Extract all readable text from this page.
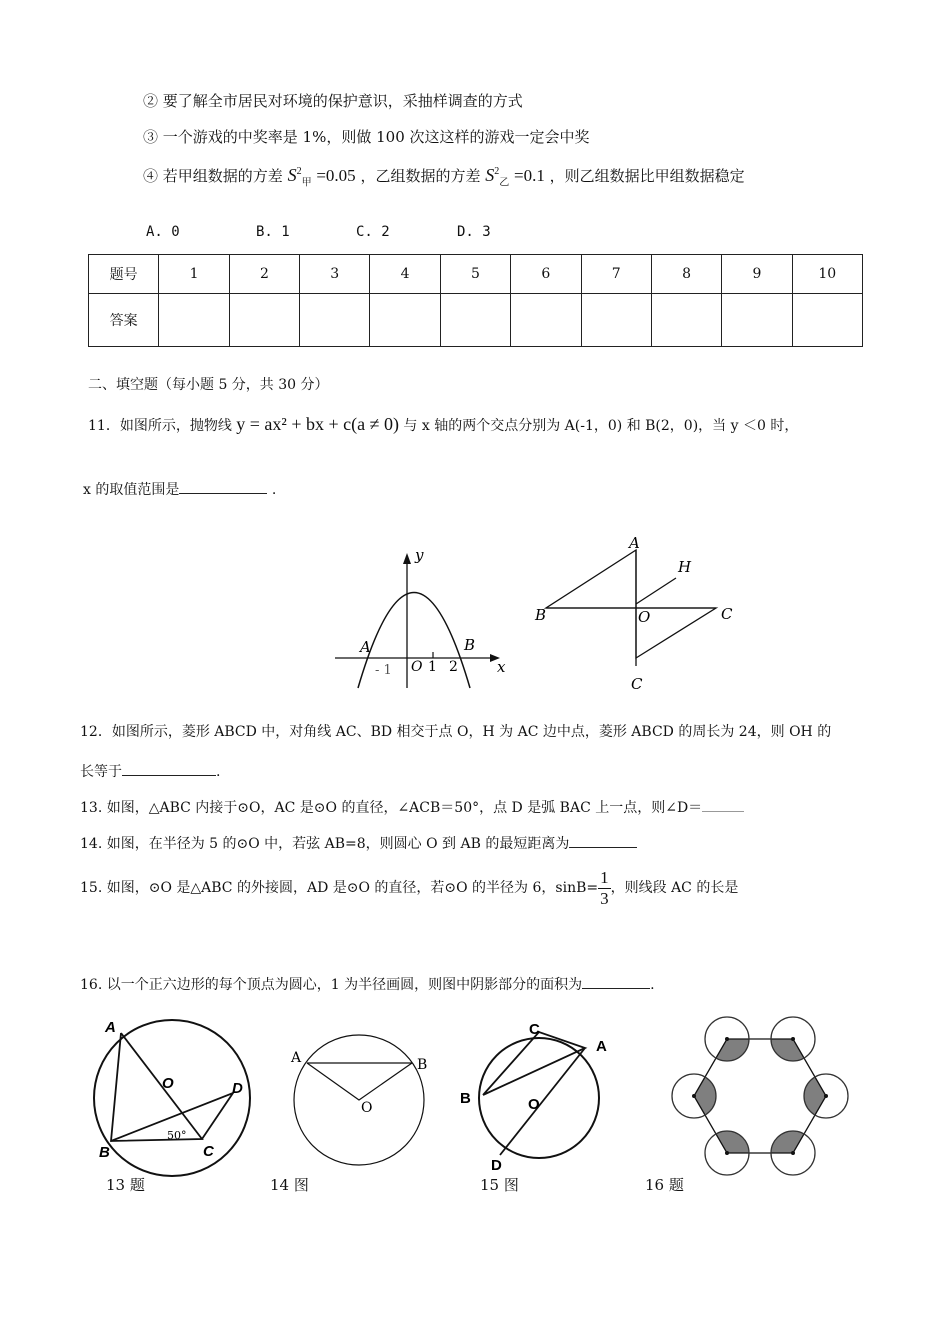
② 要了解全市居民对环境的保护意识，采抽样调查的方式
③ 一个游戏的中奖率是 1%，则做 100 次这这样的游戏一定会中奖
④ 若甲组数据的方差 $S^2_甲 =0.05$ ，乙组数据的方差 $S^2_乙 =0.1$ ，则乙组数据比甲组数据稳定
A. 0	B. 1	C. 2	D. 3
题号	1	2	3	4	5	6	7	8	9	10
答案										
二、填空题（每小题 5 分，共 30 分）
11．如图所示，抛物线 y = ax² + bx + c(a ≠ 0) 与 x 轴的两个交点分别为 A(-1，0) 和 B(2，0)，当 y ＜0 时，
x 的取值范围是	.
A	B
O	x
y
- 1	1 2
A
B	C
C
H
O
12．如图所示，菱形 ABCD 中，对角线 AC、BD 相交于点 O，H 为 AC 边中点，菱形 ABCD 的周长为 24，则 OH 的
长等于	.
13. 如图，△ABC 内接于⊙O，AC 是⊙O 的直径，∠ACB＝50°，点 D 是弧 BAC 上一点，则∠D＝
14. 如图，在半径为 5 的⊙O 中，若弦 AB=8，则圆心 O 到 AB 的最短距离为
15. 如图，⊙O 是△ABC 的外接圆，AD 是⊙O 的直径，若⊙O 的半径为 6，$\sin B= \frac{1}{3}$ ，则线段 AC 的长是
16. 以一个正六边形的每个顶点为圆心，1 为半径画圆，则图中阴影部分的面积为	.
A
B	C
D
O
50°
A	B
O
C
A
B	O
D
13 题	14 图	15 图	16 题
